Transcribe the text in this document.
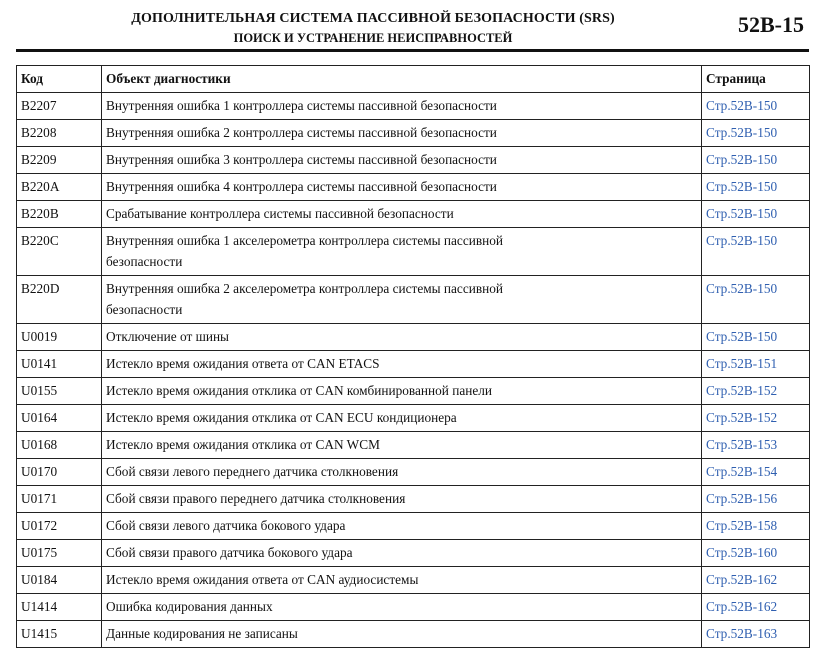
ДОПОЛНИТЕЛЬНАЯ СИСТЕМА ПАССИВНОЙ БЕЗОПАСНОСТИ (SRS)
ПОИСК И УСТРАНЕНИЕ НЕИСПРАВНОСТЕЙ
52В-15
Код	Объект диагностики	Страница
B2207	Внутренняя ошибка 1 контроллера системы пассивной безопасности	Стр.52В-150
B2208	Внутренняя ошибка 2 контроллера системы пассивной безопасности	Стр.52В-150
B2209	Внутренняя ошибка 3 контроллера системы пассивной безопасности	Стр.52В-150
B220A	Внутренняя ошибка 4 контроллера системы пассивной безопасности	Стр.52В-150
B220B	Срабатывание контроллера системы пассивной безопасности	Стр.52В-150
B220C	Внутренняя ошибка 1 акселерометра контроллера системы пассивной безопасности	Стр.52В-150
B220D	Внутренняя ошибка 2 акселерометра контроллера системы пассивной безопасности	Стр.52В-150
U0019	Отключение от шины	Стр.52В-150
U0141	Истекло время ожидания ответа от CAN ETACS	Стр.52В-151
U0155	Истекло время ожидания отклика от CAN комбинированной панели	Стр.52В-152
U0164	Истекло время ожидания отклика от CAN ECU кондиционера	Стр.52В-152
U0168	Истекло время ожидания отклика от CAN WCM	Стр.52В-153
U0170	Сбой связи левого переднего датчика столкновения	Стр.52В-154
U0171	Сбой связи правого переднего датчика столкновения	Стр.52В-156
U0172	Сбой связи левого датчика бокового удара	Стр.52В-158
U0175	Сбой связи правого датчика бокового удара	Стр.52В-160
U0184	Истекло время ожидания ответа от CAN аудиосистемы	Стр.52В-162
U1414	Ошибка кодирования данных	Стр.52В-162
U1415	Данные кодирования не записаны	Стр.52В-163
